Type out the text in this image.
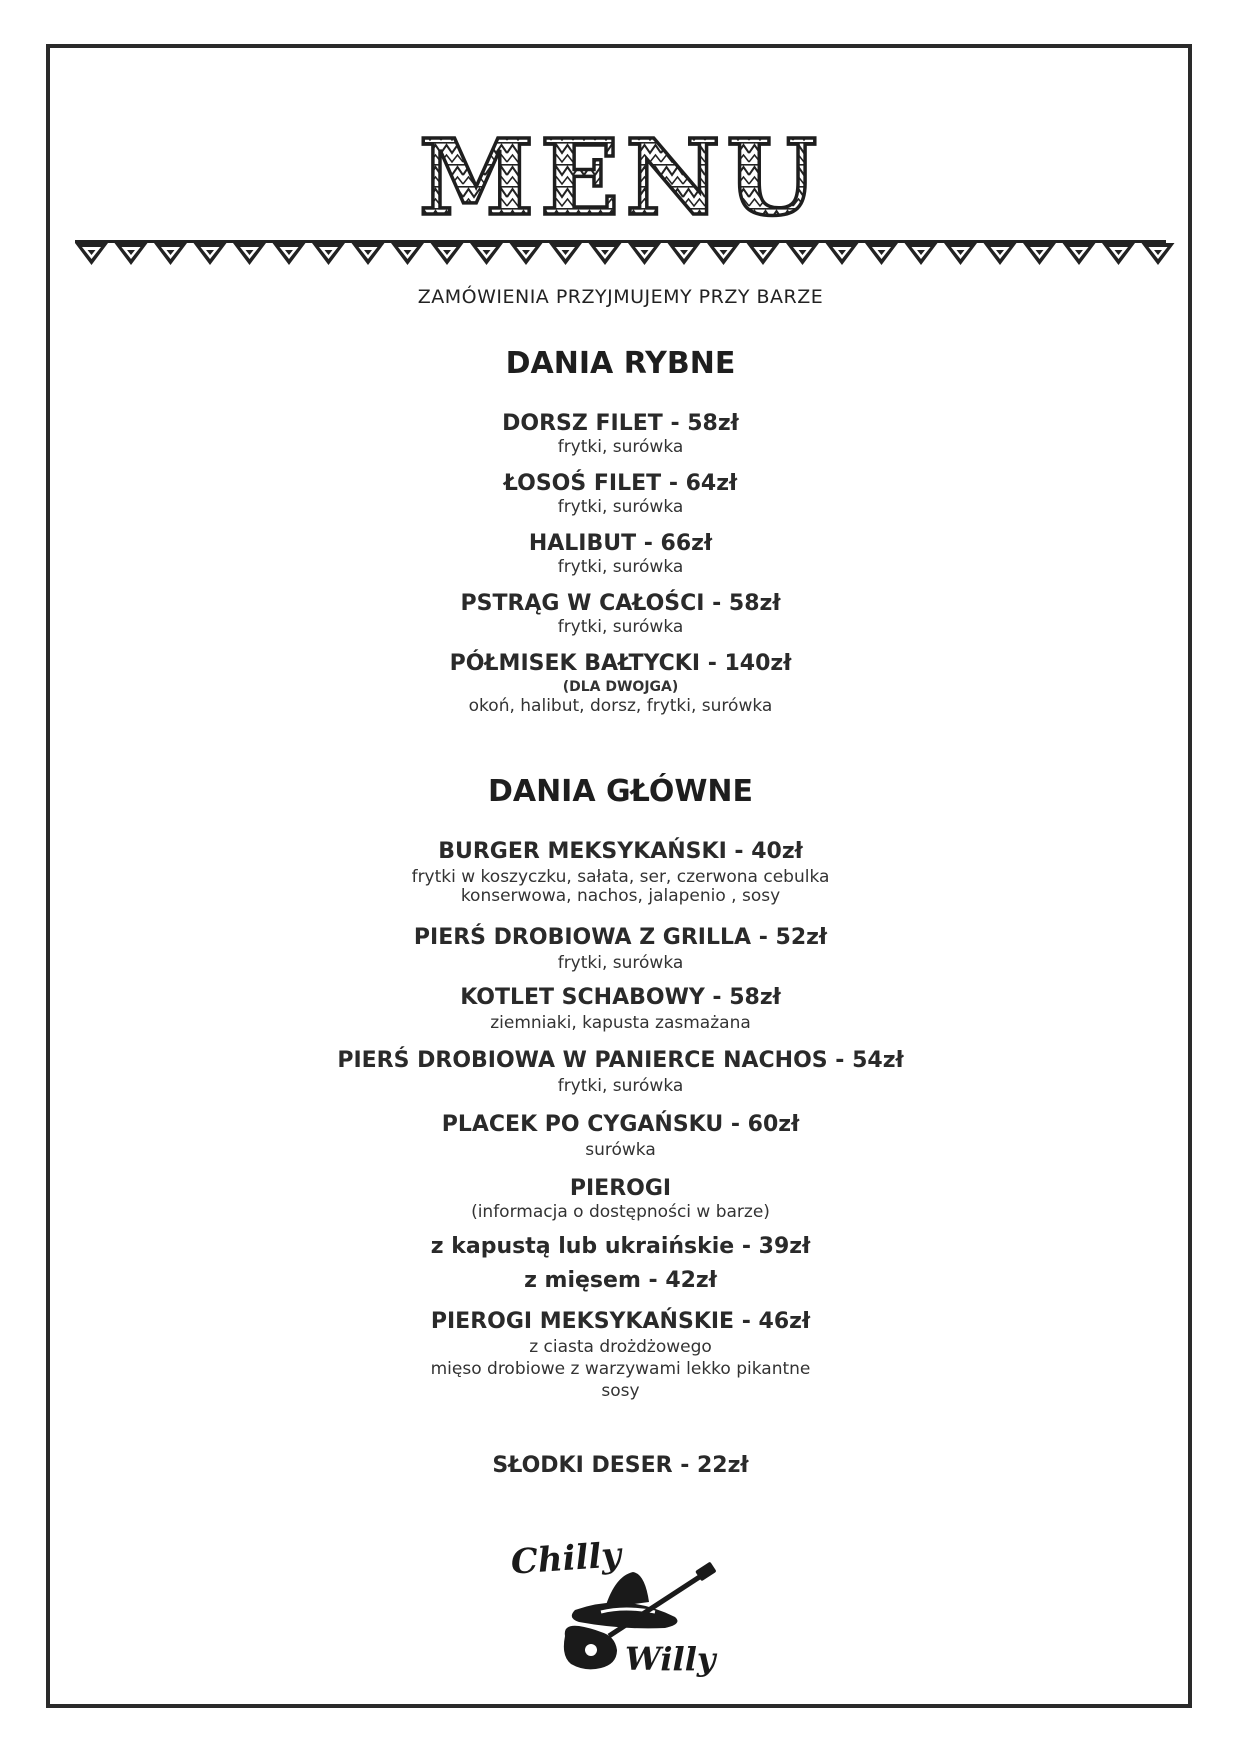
MENU
ZAMÓWIENIA PRZYJMUJEMY PRZY BARZE
DANIA RYBNE
DORSZ FILET - 58zł
frytki, surówka
ŁOSOŚ FILET - 64zł
frytki, surówka
HALIBUT - 66zł
frytki, surówka
PSTRĄG W CAŁOŚCI - 58zł
frytki, surówka
PÓŁMISEK BAŁTYCKI - 140zł
(DLA DWOJGA)
okoń, halibut, dorsz, frytki, surówka
DANIA GŁÓWNE
BURGER MEKSYKAŃSKI - 40zł
frytki w koszyczku, sałata, ser, czerwona cebulka
konserwowa, nachos, jalapenio , sosy
PIERŚ DROBIOWA Z GRILLA - 52zł
frytki, surówka
KOTLET SCHABOWY - 58zł
ziemniaki, kapusta zasmażana
PIERŚ DROBIOWA W PANIERCE NACHOS - 54zł
frytki, surówka
PLACEK PO CYGAŃSKU - 60zł
surówka
PIEROGI
(informacja o dostępności w barze)
z kapustą lub ukraińskie - 39zł
z mięsem - 42zł
PIEROGI MEKSYKAŃSKIE - 46zł
z ciasta drożdżowego
mięso drobiowe z warzywami lekko pikantne
sosy
SŁODKI DESER - 22zł
Chilly
Willy
